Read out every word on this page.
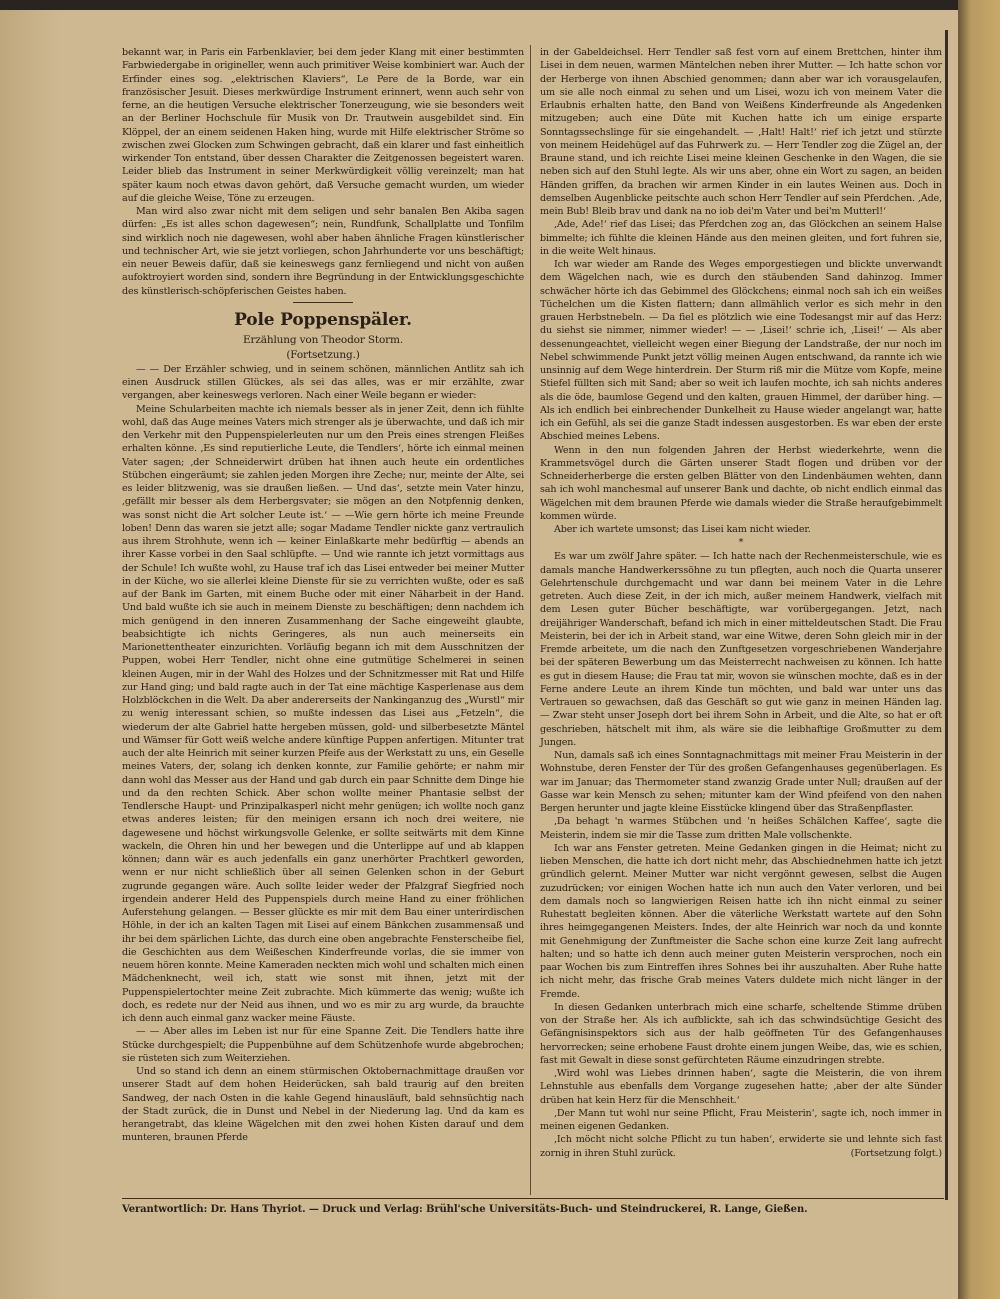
bekannt war, in Paris ein Farbenklavier, bei dem jeder Klang mit einer bestimmten Farbwiedergabe in origineller, wenn auch primitiver Weise kombiniert war. Auch der Erfinder eines sog. „elektrischen Klaviers“, Le Pere de la Borde, war ein französischer Jesuit. Dieses merkwürdige Instrument erinnert, wenn auch sehr von ferne, an die heutigen Versuche elektrischer Tonerzeugung, wie sie besonders weit an der Berliner Hochschule für Musik von Dr. Trautwein ausgebildet sind. Ein Klöppel, der an einem seidenen Haken hing, wurde mit Hilfe elektrischer Ströme so zwischen zwei Glocken zum Schwingen gebracht, daß ein klarer und fast einheitlich wirkender Ton entstand, über dessen Charakter die Zeitgenossen begeistert waren. Leider blieb das Instrument in seiner Merkwürdigkeit völlig vereinzelt; man hat später kaum noch etwas davon gehört, daß Versuche gemacht wurden, um wieder auf die gleiche Weise, Töne zu erzeugen.

Man wird also zwar nicht mit dem seligen und sehr banalen Ben Akiba sagen dürfen: „Es ist alles schon dagewesen“; nein, Rundfunk, Schallplatte und Tonfilm sind wirklich noch nie dagewesen, wohl aber haben ähnliche Fragen künstlerischer und technischer Art, wie sie jetzt vorliegen, schon Jahrhunderte vor uns beschäftigt; ein neuer Beweis dafür, daß sie keineswegs ganz fernliegend und nicht von außen aufoktroyiert worden sind, sondern ihre Begründung in der Entwicklungsgeschichte des künstlerisch-schöpferischen Geistes haben.

Pole Poppenspäler.
Erzählung von Theodor Storm.
(Fortsetzung.)

— — Der Erzähler schwieg, und in seinem schönen, männlichen Antlitz sah ich einen Ausdruck stillen Glückes, als sei das alles, was er mir erzählte, zwar vergangen, aber keineswegs verloren. Nach einer Weile begann er wieder:

Meine Schularbeiten machte ich niemals besser als in jener Zeit, denn ich fühlte wohl, daß das Auge meines Vaters mich strenger als je überwachte, und daß ich mir den Verkehr mit den Puppenspielerleuten nur um den Preis eines strengen Fleißes erhalten könne. ‚Es sind reputierliche Leute, die Tendlers‘, hörte ich einmal meinen Vater sagen; ‚der Schneiderwirt drüben hat ihnen auch heute ein ordentliches Stübchen eingeräumt; sie zahlen jeden Morgen ihre Zeche; nur, meinte der Alte, sei es leider blitzwenig, was sie draußen ließen. — Und das‘, setzte mein Vater hinzu, ‚gefällt mir besser als dem Herbergsvater; sie mögen an den Notpfennig denken, was sonst nicht die Art solcher Leute ist.‘ — —Wie gern hörte ich meine Freunde loben! Denn das waren sie jetzt alle; sogar Madame Tendler nickte ganz vertraulich aus ihrem Strohhute, wenn ich — keiner Einlaßkarte mehr bedürftig — abends an ihrer Kasse vorbei in den Saal schlüpfte. — Und wie rannte ich jetzt vormittags aus der Schule! Ich wußte wohl, zu Hause traf ich das Lisei entweder bei meiner Mutter in der Küche, wo sie allerlei kleine Dienste für sie zu verrichten wußte, oder es saß auf der Bank im Garten, mit einem Buche oder mit einer Näharbeit in der Hand. Und bald wußte ich sie auch in meinem Dienste zu beschäftigen; denn nachdem ich mich genügend in den inneren Zusammenhang der Sache eingeweiht glaubte, beabsichtigte ich nichts Geringeres, als nun auch meinerseits ein Marionettentheater einzurichten. Vorläufig begann ich mit dem Ausschnitzen der Puppen, wobei Herr Tendler, nicht ohne eine gutmütige Schelmerei in seinen kleinen Augen, mir in der Wahl des Holzes und der Schnitzmesser mit Rat und Hilfe zur Hand ging; und bald ragte auch in der Tat eine mächtige Kasperlenase aus dem Holzblöckchen in die Welt. Da aber andererseits der Nankinganzug des „Wurstl“ mir zu wenig interessant schien, so mußte indessen das Lisei aus „Fetzeln“, die wiederum der alte Gabriel hatte hergeben müssen, gold- und silberbesetzte Mäntel und Wämser für Gott weiß welche andere künftige Puppen anfertigen. Mitunter trat auch der alte Heinrich mit seiner kurzen Pfeife aus der Werkstatt zu uns, ein Geselle meines Vaters, der, solang ich denken konnte, zur Familie gehörte; er nahm mir dann wohl das Messer aus der Hand und gab durch ein paar Schnitte dem Dinge hie und da den rechten Schick. Aber schon wollte meiner Phantasie selbst der Tendlersche Haupt- und Prinzipalkasperl nicht mehr genügen; ich wollte noch ganz etwas anderes leisten; für den meinigen ersann ich noch drei weitere, nie dagewesene und höchst wirkungsvolle Gelenke, er sollte seitwärts mit dem Kinne wackeln, die Ohren hin und her bewegen und die Unterlippe auf und ab klappen können; dann wär es auch jedenfalls ein ganz unerhörter Prachtkerl geworden, wenn er nur nicht schließlich über all seinen Gelenken schon in der Geburt zugrunde gegangen wäre. Auch sollte leider weder der Pfalzgraf Siegfried noch irgendein anderer Held des Puppenspiels durch meine Hand zu einer fröhlichen Auferstehung gelangen. — Besser glückte es mir mit dem Bau einer unterirdischen Höhle, in der ich an kalten Tagen mit Lisei auf einem Bänkchen zusammensaß und ihr bei dem spärlichen Lichte, das durch eine oben angebrachte Fensterscheibe fiel, die Geschichten aus dem Weißeschen Kinderfreunde vorlas, die sie immer von neuem hören konnte. Meine Kameraden neckten mich wohl und schalten mich einen Mädchenknecht, weil ich, statt wie sonst mit ihnen, jetzt mit der Puppenspielertochter meine Zeit zubrachte. Mich kümmerte das wenig; wußte ich doch, es redete nur der Neid aus ihnen, und wo es mir zu arg wurde, da brauchte ich denn auch einmal ganz wacker meine Fäuste.

— — Aber alles im Leben ist nur für eine Spanne Zeit. Die Tendlers hatte ihre Stücke durchgespielt; die Puppenbühne auf dem Schützenhofe wurde abgebrochen; sie rüsteten sich zum Weiterziehen.

Und so stand ich denn an einem stürmischen Oktobernachmittage draußen vor unserer Stadt auf dem hohen Heiderücken, sah bald traurig auf den breiten Sandweg, der nach Osten in die kahle Gegend hinausläuft, bald sehnsüchtig nach der Stadt zurück, die in Dunst und Nebel in der Niederung lag. Und da kam es herangetrabt, das kleine Wägelchen mit den zwei hohen Kisten darauf und dem munteren, braunen Pferde

in der Gabeldeichsel. Herr Tendler saß fest vorn auf einem Brettchen, hinter ihm Lisei in dem neuen, warmen Mäntelchen neben ihrer Mutter. — Ich hatte schon vor der Herberge von ihnen Abschied genommen; dann aber war ich vorausgelaufen, um sie alle noch einmal zu sehen und um Lisei, wozu ich von meinem Vater die Erlaubnis erhalten hatte, den Band von Weißens Kinderfreunde als Angedenken mitzugeben; auch eine Düte mit Kuchen hatte ich um einige ersparte Sonntagssechslinge für sie eingehandelt. — ‚Halt! Halt!‘ rief ich jetzt und stürzte von meinem Heidehügel auf das Fuhrwerk zu. — Herr Tendler zog die Zügel an, der Braune stand, und ich reichte Lisei meine kleinen Geschenke in den Wagen, die sie neben sich auf den Stuhl legte. Als wir uns aber, ohne ein Wort zu sagen, an beiden Händen griffen, da brachen wir armen Kinder in ein lautes Weinen aus. Doch in demselben Augenblicke peitschte auch schon Herr Tendler auf sein Pferdchen. ‚Ade, mein Bub! Bleib brav und dank na no iob dei'm Vater und bei'm Mutterl!‘

‚Ade, Ade!‘ rief das Lisei; das Pferdchen zog an, das Glöckchen an seinem Halse bimmelte; ich fühlte die kleinen Hände aus den meinen gleiten, und fort fuhren sie, in die weite Welt hinaus.

Ich war wieder am Rande des Weges emporgestiegen und blickte unverwandt dem Wägelchen nach, wie es durch den stäubenden Sand dahinzog. Immer schwächer hörte ich das Gebimmel des Glöckchens; einmal noch sah ich ein weißes Tüchelchen um die Kisten flattern; dann allmählich verlor es sich mehr in den grauen Herbstnebeln. — Da fiel es plötzlich wie eine Todesangst mir auf das Herz: du siehst sie nimmer, nimmer wieder! — — ‚Lisei!‘ schrie ich, ‚Lisei!‘ — Als aber dessenungeachtet, vielleicht wegen einer Biegung der Landstraße, der nur noch im Nebel schwimmende Punkt jetzt völlig meinen Augen entschwand, da rannte ich wie unsinnig auf dem Wege hinterdrein. Der Sturm riß mir die Mütze vom Kopfe, meine Stiefel füllten sich mit Sand; aber so weit ich laufen mochte, ich sah nichts anderes als die öde, baumlose Gegend und den kalten, grauen Himmel, der darüber hing. — Als ich endlich bei einbrechender Dunkelheit zu Hause wieder angelangt war, hatte ich ein Gefühl, als sei die ganze Stadt indessen ausgestorben. Es war eben der erste Abschied meines Lebens.

Wenn in den nun folgenden Jahren der Herbst wiederkehrte, wenn die Krammetsvögel durch die Gärten unserer Stadt flogen und drüben vor der Schneiderherberge die ersten gelben Blätter von den Lindenbäumen wehten, dann sah ich wohl manchesmal auf unserer Bank und dachte, ob nicht endlich einmal das Wägelchen mit dem braunen Pferde wie damals wieder die Straße heraufgebimmelt kommen würde.

Aber ich wartete umsonst; das Lisei kam nicht wieder.

*

Es war um zwölf Jahre später. — Ich hatte nach der Rechenmeisterschule, wie es damals manche Handwerkerssöhne zu tun pflegten, auch noch die Quarta unserer Gelehrtenschule durchgemacht und war dann bei meinem Vater in die Lehre getreten. Auch diese Zeit, in der ich mich, außer meinem Handwerk, vielfach mit dem Lesen guter Bücher beschäftigte, war vorübergegangen. Jetzt, nach dreijähriger Wanderschaft, befand ich mich in einer mitteldeutschen Stadt. Die Frau Meisterin, bei der ich in Arbeit stand, war eine Witwe, deren Sohn gleich mir in der Fremde arbeitete, um die nach den Zunftgesetzen vorgeschriebenen Wanderjahre bei der späteren Bewerbung um das Meisterrecht nachweisen zu können. Ich hatte es gut in diesem Hause; die Frau tat mir, wovon sie wünschen mochte, daß es in der Ferne andere Leute an ihrem Kinde tun möchten, und bald war unter uns das Vertrauen so gewachsen, daß das Geschäft so gut wie ganz in meinen Händen lag. — Zwar steht unser Joseph dort bei ihrem Sohn in Arbeit, und die Alte, so hat er oft geschrieben, hätschelt mit ihm, als wäre sie die leibhaftige Großmutter zu dem Jungen.

Nun, damals saß ich eines Sonntagnachmittags mit meiner Frau Meisterin in der Wohnstube, deren Fenster der Tür des großen Gefangenhauses gegenüberlagen. Es war im Januar; das Thermometer stand zwanzig Grade unter Null; draußen auf der Gasse war kein Mensch zu sehen; mitunter kam der Wind pfeifend von den nahen Bergen herunter und jagte kleine Eisstücke klingend über das Straßenpflaster.

‚Da behagt 'n warmes Stübchen und 'n heißes Schälchen Kaffee‘, sagte die Meisterin, indem sie mir die Tasse zum dritten Male vollschenkte.

Ich war ans Fenster getreten. Meine Gedanken gingen in die Heimat; nicht zu lieben Menschen, die hatte ich dort nicht mehr, das Abschiednehmen hatte ich jetzt gründlich gelernt. Meiner Mutter war nicht vergönnt gewesen, selbst die Augen zuzudrücken; vor einigen Wochen hatte ich nun auch den Vater verloren, und bei dem damals noch so langwierigen Reisen hatte ich ihn nicht einmal zu seiner Ruhestatt begleiten können. Aber die väterliche Werkstatt wartete auf den Sohn ihres heimgegangenen Meisters. Indes, der alte Heinrich war noch da und konnte mit Genehmigung der Zunftmeister die Sache schon eine kurze Zeit lang aufrecht halten; und so hatte ich denn auch meiner guten Meisterin versprochen, noch ein paar Wochen bis zum Eintreffen ihres Sohnes bei ihr auszuhalten. Aber Ruhe hatte ich nicht mehr, das frische Grab meines Vaters duldete mich nicht länger in der Fremde.

In diesen Gedanken unterbrach mich eine scharfe, scheltende Stimme drüben von der Straße her. Als ich aufblickte, sah ich das schwindsüchtige Gesicht des Gefängnisinspektors sich aus der halb geöffneten Tür des Gefangenhauses hervorrecken; seine erhobene Faust drohte einem jungen Weibe, das, wie es schien, fast mit Gewalt in diese sonst gefürchteten Räume einzudringen strebte.

‚Wird wohl was Liebes drinnen haben‘, sagte die Meisterin, die von ihrem Lehnstuhle aus ebenfalls dem Vorgange zugesehen hatte; ‚aber der alte Sünder drüben hat kein Herz für die Menschheit.‘

‚Der Mann tut wohl nur seine Pflicht, Frau Meisterin‘, sagte ich, noch immer in meinen eigenen Gedanken.

‚Ich möcht nicht solche Pflicht zu tun haben‘, erwiderte sie und lehnte sich fast zornig in ihren Stuhl zurück.	(Fortsetzung folgt.)

Verantwortlich: Dr. Hans Thyriot. — Druck und Verlag: Brühl'sche Universitäts-Buch- und Steindruckerei, R. Lange, Gießen.
